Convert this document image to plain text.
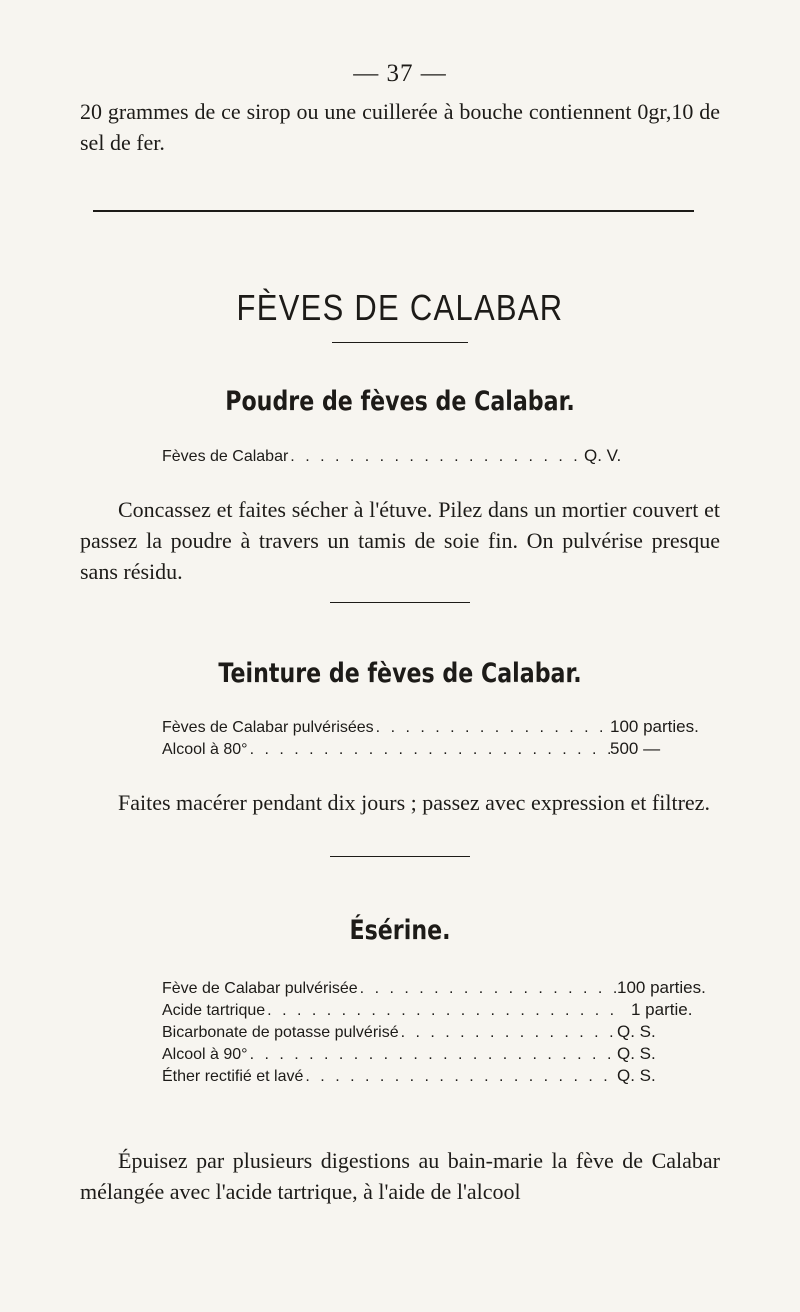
— 37 —
20 grammes de ce sirop ou une cuillerée à bouche contiennent 0gr,10 de sel de fer.
FÈVES DE CALABAR
Poudre de fèves de Calabar.
Fèves de Calabar . . .	Q. V.
Concassez et faites sécher à l'étuve. Pilez dans un mortier couvert et passez la poudre à travers un tamis de soie fin. On pulvérise presque sans résidu.
Teinture de fèves de Calabar.
Fèves de Calabar pulvérisées . . .	100 parties.
Alcool à 80° . . .	500 —
Faites macérer pendant dix jours ; passez avec expression et filtrez.
Ésérine.
Fève de Calabar pulvérisée . . .	100 parties.
Acide tartrique . . .	1 partie.
Bicarbonate de potasse pulvérisé . . .	Q. S.
Alcool à 90° . . .	Q. S.
Éther rectifié et lavé . . .	Q. S.
Épuisez par plusieurs digestions au bain-marie la fève de Calabar mélangée avec l'acide tartrique, à l'aide de l'alcool
